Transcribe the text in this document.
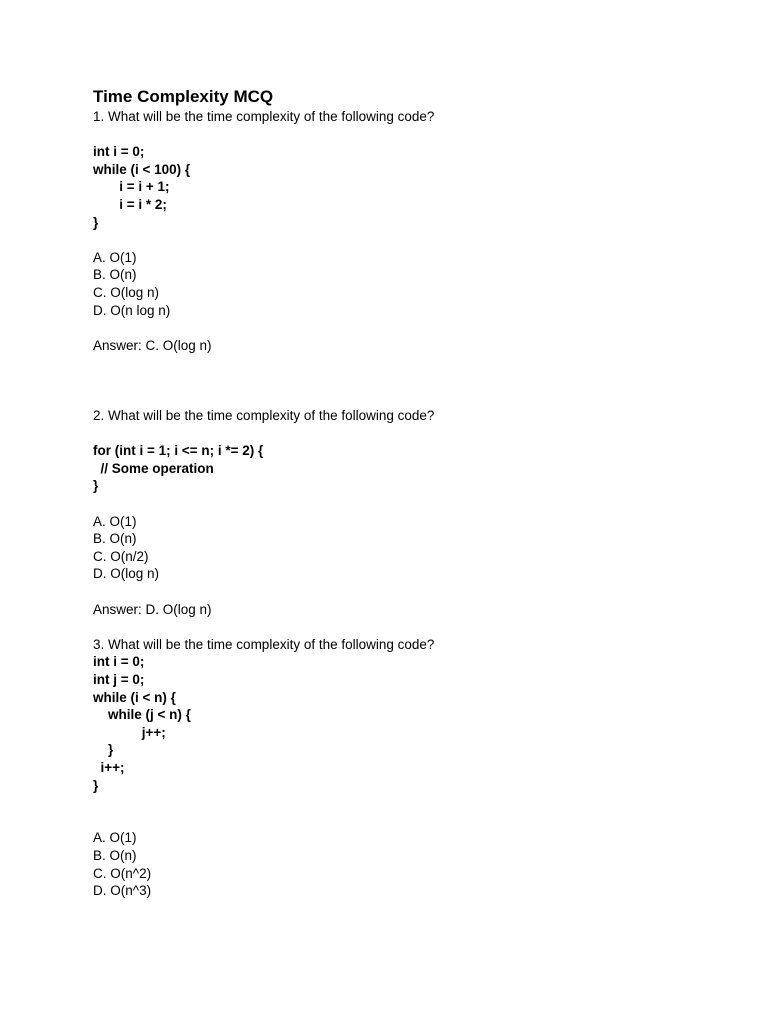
Time Complexity MCQ
1. What will be the time complexity of the following code?
int i = 0;
while (i < 100) {
i = i + 1;
i = i * 2;
}
A. O(1)
B. O(n)
C. O(log n)
D. O(n log n)
Answer: C. O(log n)
2. What will be the time complexity of the following code?
for (int i = 1; i <= n; i *= 2) {
// Some operation
}
A. O(1)
B. O(n)
C. O(n/2)
D. O(log n)
Answer: D. O(log n)
3. What will be the time complexity of the following code?
int i = 0;
int j = 0;
while (i < n) {
while (j < n) {
j++;
}
i++;
}
A. O(1)
B. O(n)
C. O(n^2)
D. O(n^3)
